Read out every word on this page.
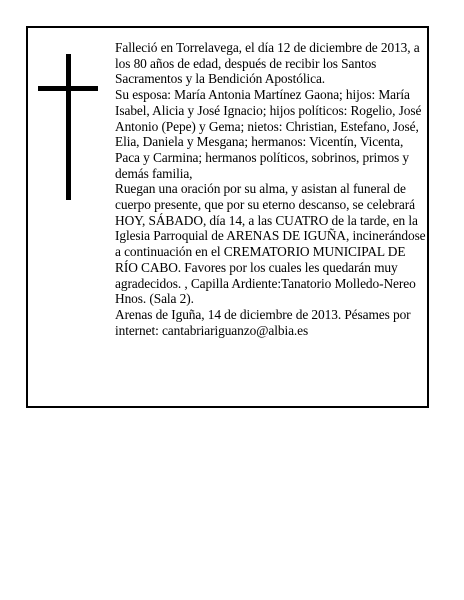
Falleció en Torrelavega, el día 12 de diciembre de 2013, a los 80 años de edad, después de recibir los Santos Sacramentos y la Bendición Apostólica.

Su esposa: María Antonia Martínez Gaona; hijos: María Isabel, Alicia y José Ignacio; hijos políticos: Rogelio, José Antonio (Pepe) y Gema; nietos: Christian, Estefano, José, Elia, Daniela y Mesgana; hermanos: Vicentín, Vicenta, Paca y Carmina; hermanos políticos, sobrinos, primos y demás familia,

Ruegan una oración por su alma, y asistan al funeral de cuerpo presente, que por su eterno descanso, se celebrará HOY, SÁBADO, día 14, a las CUATRO de la tarde, en la Iglesia Parroquial de ARENAS DE IGUÑA, incinerándose a continuación en el CREMATORIO MUNICIPAL DE RÍO CABO. Favores por los cuales les quedarán muy agradecidos. , Capilla Ardiente:Tanatorio Molledo-Nereo Hnos. (Sala 2).

Arenas de Iguña, 14 de diciembre de 2013. Pésames por internet: cantabriariguanzo@albia.es
